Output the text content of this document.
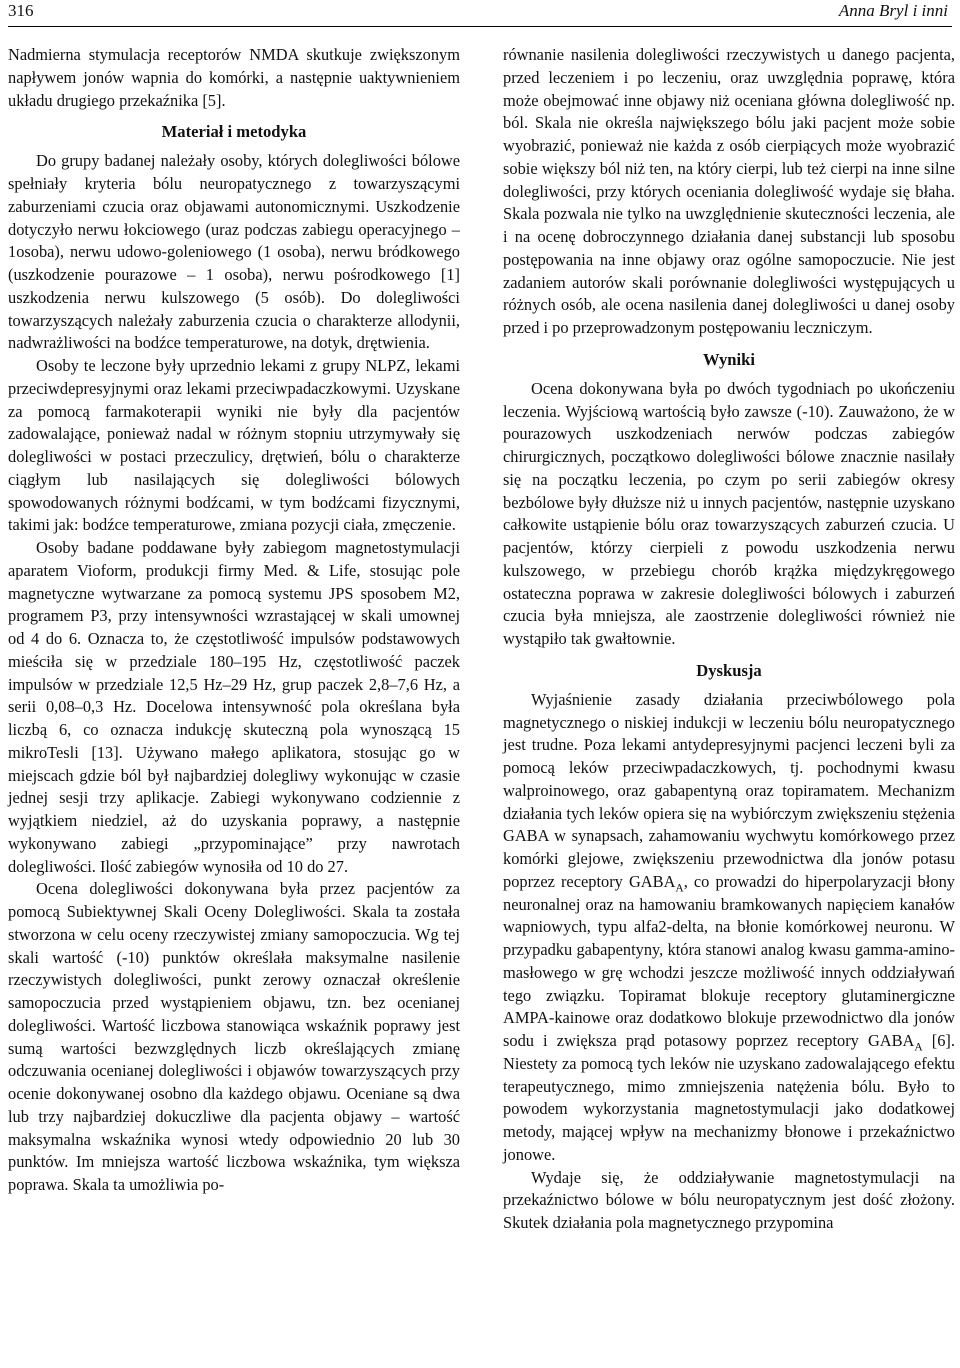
316	Anna Bryl i inni

Nadmierna stymulacja receptorów NMDA skutkuje zwiększonym napływem jonów wapnia do komórki, a następnie uaktywnieniem układu drugiego przekaźnika [5].

Materiał i metodyka

Do grupy badanej należały osoby, których dolegliwości bólowe spełniały kryteria bólu neuropatycznego z towarzyszącymi zaburzeniami czucia oraz objawami autonomicznymi. Uszkodzenie dotyczyło nerwu łokciowego (uraz podczas zabiegu operacyjnego – 1osoba), nerwu udowo-goleniowego (1 osoba), nerwu bródkowego (uszkodzenie pourazowe – 1 osoba), nerwu pośrodkowego [1] uszkodzenia nerwu kulszowego (5 osób). Do dolegliwości towarzyszących należały zaburzenia czucia o charakterze allodynii, nadwrażliwości na bodźce temperaturowe, na dotyk, drętwienia.

Osoby te leczone były uprzednio lekami z grupy NLPZ, lekami przeciwdepresyjnymi oraz lekami przeciwpadaczkowymi. Uzyskane za pomocą farmakoterapii wyniki nie były dla pacjentów zadowalające, ponieważ nadal w różnym stopniu utrzymywały się dolegliwości w postaci przeczulicy, drętwień, bólu o charakterze ciągłym lub nasilających się dolegliwości bólowych spowodowanych różnymi bodźcami, w tym bodźcami fizycznymi, takimi jak: bodźce temperaturowe, zmiana pozycji ciała, zmęczenie.

Osoby badane poddawane były zabiegom magnetostymulacji aparatem Vioform, produkcji firmy Med. & Life, stosując pole magnetyczne wytwarzane za pomocą systemu JPS sposobem M2, programem P3, przy intensywności wzrastającej w skali umownej od 4 do 6. Oznacza to, że częstotliwość impulsów podstawowych mieściła się w przedziale 180–195 Hz, częstotliwość paczek impulsów w przedziale 12,5 Hz–29 Hz, grup paczek 2,8–7,6 Hz, a serii 0,08–0,3 Hz. Docelowa intensywność pola określana była liczbą 6, co oznacza indukcję skuteczną pola wynoszącą 15 mikroTesli [13]. Używano małego aplikatora, stosując go w miejscach gdzie ból był najbardziej dolegliwy wykonując w czasie jednej sesji trzy aplikacje. Zabiegi wykonywano codziennie z wyjątkiem niedziel, aż do uzyskania poprawy, a następnie wykonywano zabiegi „przypominające” przy nawrotach dolegliwości. Ilość zabiegów wynosiła od 10 do 27.

Ocena dolegliwości dokonywana była przez pacjentów za pomocą Subiektywnej Skali Oceny Dolegliwości. Skala ta została stworzona w celu oceny rzeczywistej zmiany samopoczucia. Wg tej skali wartość (-10) punktów określała maksymalne nasilenie rzeczywistych dolegliwości, punkt zerowy oznaczał określenie samopoczucia przed wystąpieniem objawu, tzn. bez ocenianej dolegliwości. Wartość liczbowa stanowiąca wskaźnik poprawy jest sumą wartości bezwzględnych liczb określających zmianę odczuwania ocenianej dolegliwości i objawów towarzyszących przy ocenie dokonywanej osobno dla każdego objawu. Oceniane są dwa lub trzy najbardziej dokuczliwe dla pacjenta objawy – wartość maksymalna wskaźnika wynosi wtedy odpowiednio 20 lub 30 punktów. Im mniejsza wartość liczbowa wskaźnika, tym większa poprawa. Skala ta umożliwia po-

równanie nasilenia dolegliwości rzeczywistych u danego pacjenta, przed leczeniem i po leczeniu, oraz uwzględnia poprawę, która może obejmować inne objawy niż oceniana główna dolegliwość np. ból. Skala nie określa największego bólu jaki pacjent może sobie wyobrazić, ponieważ nie każda z osób cierpiących może wyobrazić sobie większy ból niż ten, na który cierpi, lub też cierpi na inne silne dolegliwości, przy których oceniania dolegliwość wydaje się błaha. Skala pozwala nie tylko na uwzględnienie skuteczności leczenia, ale i na ocenę dobroczynnego działania danej substancji lub sposobu postępowania na inne objawy oraz ogólne samopoczucie. Nie jest zadaniem autorów skali porównanie dolegliwości występujących u różnych osób, ale ocena nasilenia danej dolegliwości u danej osoby przed i po przeprowadzonym postępowaniu leczniczym.

Wyniki

Ocena dokonywana była po dwóch tygodniach po ukończeniu leczenia. Wyjściową wartością było zawsze (-10). Zauważono, że w pourazowych uszkodzeniach nerwów podczas zabiegów chirurgicznych, początkowo dolegliwości bólowe znacznie nasilały się na początku leczenia, po czym po serii zabiegów okresy bezbólowe były dłuższe niż u innych pacjentów, następnie uzyskano całkowite ustąpienie bólu oraz towarzyszących zaburzeń czucia. U pacjentów, którzy cierpieli z powodu uszkodzenia nerwu kulszowego, w przebiegu chorób krążka międzykręgowego ostateczna poprawa w zakresie dolegliwości bólowych i zaburzeń czucia była mniejsza, ale zaostrzenie dolegliwości również nie wystąpiło tak gwałtownie.

Dyskusja

Wyjaśnienie zasady działania przeciwbólowego pola magnetycznego o niskiej indukcji w leczeniu bólu neuropatycznego jest trudne. Poza lekami antydepresyjnymi pacjenci leczeni byli za pomocą leków przeciwpadaczkowych, tj. pochodnymi kwasu walproinowego, oraz gabapentyną oraz topiramatem. Mechanizm działania tych leków opiera się na wybiórczym zwiększeniu stężenia GABA w synapsach, zahamowaniu wychwytu komórkowego przez komórki glejowe, zwiększeniu przewodnictwa dla jonów potasu poprzez receptory $GABA_A$, co prowadzi do hiperpolaryzacji błony neuronalnej oraz na hamowaniu bramkowanych napięciem kanałów wapniowych, typu alfa2-delta, na błonie komórkowej neuronu. W przypadku gabapentyny, która stanowi analog kwasu gamma-amino-masłowego w grę wchodzi jeszcze możliwość innych oddziaływań tego związku. Topiramat blokuje receptory glutaminergiczne AMPA-kainowe oraz dodatkowo blokuje przewodnictwo dla jonów sodu i zwiększa prąd potasowy poprzez receptory $GABA_A$ [6]. Niestety za pomocą tych leków nie uzyskano zadowalającego efektu terapeutycznego, mimo zmniejszenia natężenia bólu. Było to powodem wykorzystania magnetostymulacji jako dodatkowej metody, mającej wpływ na mechanizmy błonowe i przekaźnictwo jonowe.

Wydaje się, że oddziaływanie magnetostymulacji na przekaźnictwo bólowe w bólu neuropatycznym jest dość złożony. Skutek działania pola magnetycznego przypomina
